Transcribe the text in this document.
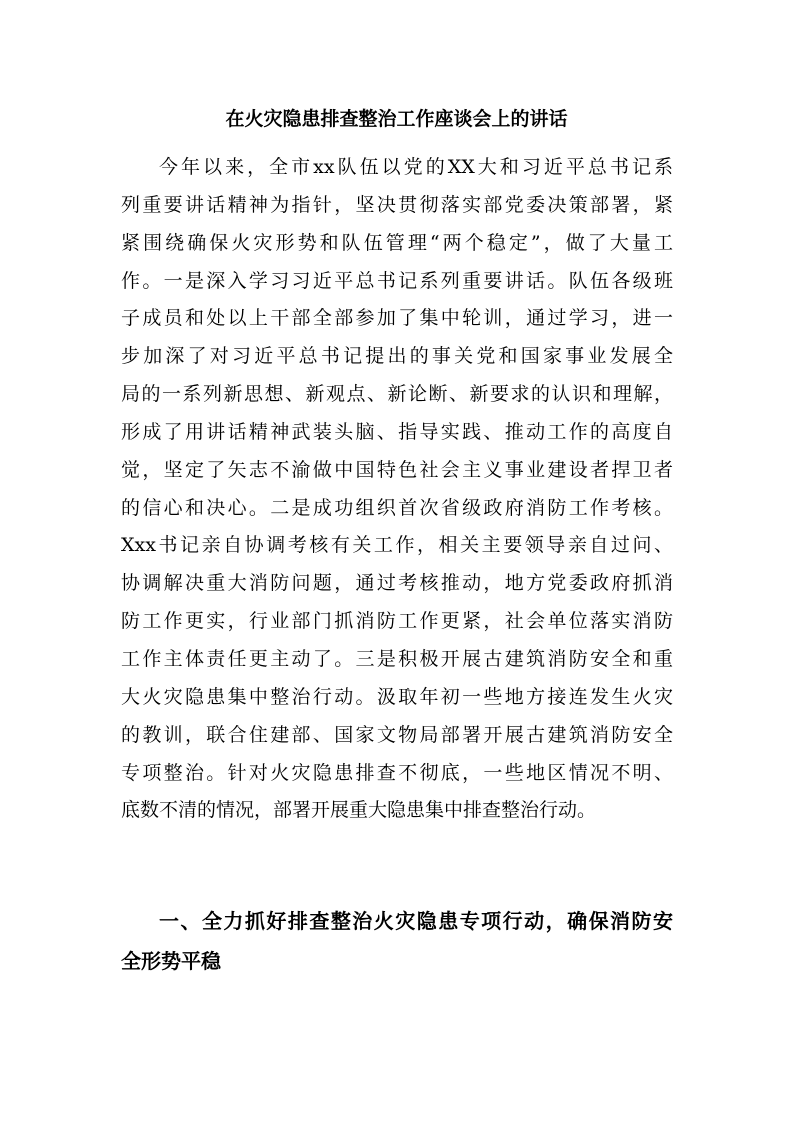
在火灾隐患排查整治工作座谈会上的讲话
今年以来，全市xx队伍以党的XX大和习近平总书记系
列重要讲话精神为指针，坚决贯彻落实部党委决策部署，紧
紧围绕确保火灾形势和队伍管理“两个稳定”，做了大量工
作。一是深入学习习近平总书记系列重要讲话。队伍各级班
子成员和处以上干部全部参加了集中轮训，通过学习，进一
步加深了对习近平总书记提出的事关党和国家事业发展全
局的一系列新思想、新观点、新论断、新要求的认识和理解，
形成了用讲话精神武装头脑、指导实践、推动工作的高度自
觉，坚定了矢志不渝做中国特色社会主义事业建设者捍卫者
的信心和决心。二是成功组织首次省级政府消防工作考核。
Xxx书记亲自协调考核有关工作，相关主要领导亲自过问、
协调解决重大消防问题，通过考核推动，地方党委政府抓消
防工作更实，行业部门抓消防工作更紧，社会单位落实消防
工作主体责任更主动了。三是积极开展古建筑消防安全和重
大火灾隐患集中整治行动。汲取年初一些地方接连发生火灾
的教训，联合住建部、国家文物局部署开展古建筑消防安全
专项整治。针对火灾隐患排查不彻底，一些地区情况不明、
底数不清的情况，部署开展重大隐患集中排查整治行动。
一、全力抓好排查整治火灾隐患专项行动，确保消防安
全形势平稳
